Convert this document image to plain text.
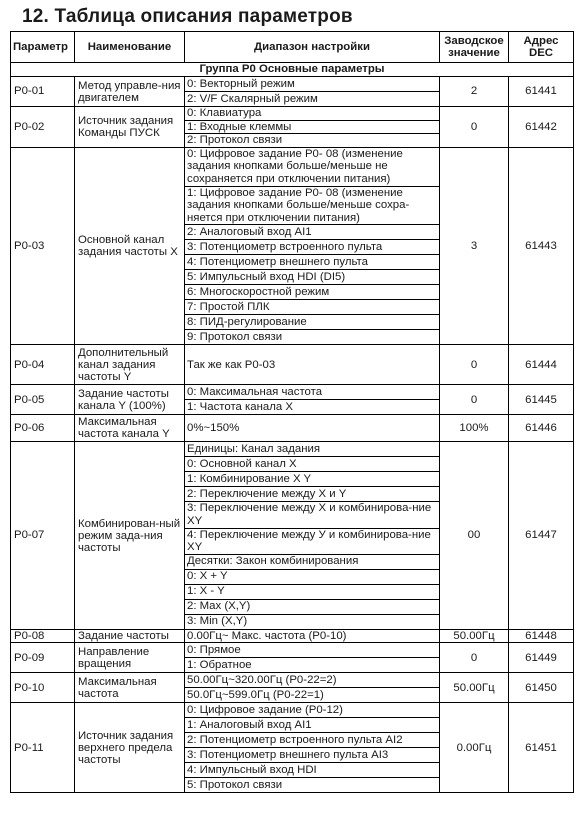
12. Таблица описания параметров
Параметр	Наименование	Диапазон настройки	Заводское значение	Адрес DEC
Группа P0 Основные параметры				
P0-01	Метод управле-ния двигателем	0: Векторный режим	2	61441
		2: V/F Скалярный режим		
P0-02	Источник задания Команды ПУСК	0: Клавиатура	0	61442
		1: Входные клеммы		
		2: Протокол связи		
P0-03	Основной канал задания частоты X	0: Цифровое задание P0- 08 (изменение задания кнопками больше/меньше не сохраняется при отключении питания)	3	61443
		1: Цифровое задание P0- 08 (изменение задания кнопками больше/меньше сохра-няется при отключении питания)		
		2: Аналоговый вход AI1		
		3: Потенциометр встроенного пульта		
		4: Потенциометр внешнего пульта		
		5: Импульсный вход HDI (DI5)		
		6: Многоскоростной режим		
		7: Простой ПЛК		
		8: ПИД-регулирование		
		9: Протокол связи		
P0-04	Дополнительный канал задания частоты Y	Так же как P0-03	0	61444
P0-05	Задание частоты канала Y (100%)	0: Максимальная частота	0	61445
		1: Частота канала X		
P0-06	Максимальная частота канала Y	0%~150%	100%	61446
P0-07	Комбинирован-ный режим зада-ния частоты	Единицы: Канал задания	00	61447
		0: Основной канал X		
		1: Комбинирование X Y		
		2: Переключение между X и Y		
		3: Переключение между X и комбинирова-ние XY		
		4: Переключение между У и комбинирова-ние XY		
		Десятки: Закон комбинирования		
		0: X + Y		
		1: X - Y		
		2: Max (X,Y)		
		3: Min (X,Y)		
P0-08	Задание частоты	0.00Гц~ Макс. частота (P0-10)	50.00Гц	61448
P0-09	Направление вращения	0: Прямое	0	61449
		1: Обратное		
P0-10	Максимальная частота	50.00Гц~320.00Гц (P0-22=2)	50.00Гц	61450
		50.0Гц~599.0Гц (P0-22=1)		
P0-11	Источник задания верхнего предела частоты	0: Цифровое задание (P0-12)	0.00Гц	61451
		1: Аналоговый вход AI1		
		2: Потенциометр встроенного пульта AI2		
		3: Потенциометр внешнего пульта AI3		
		4: Импульсный вход HDI		
		5: Протокол связи		
